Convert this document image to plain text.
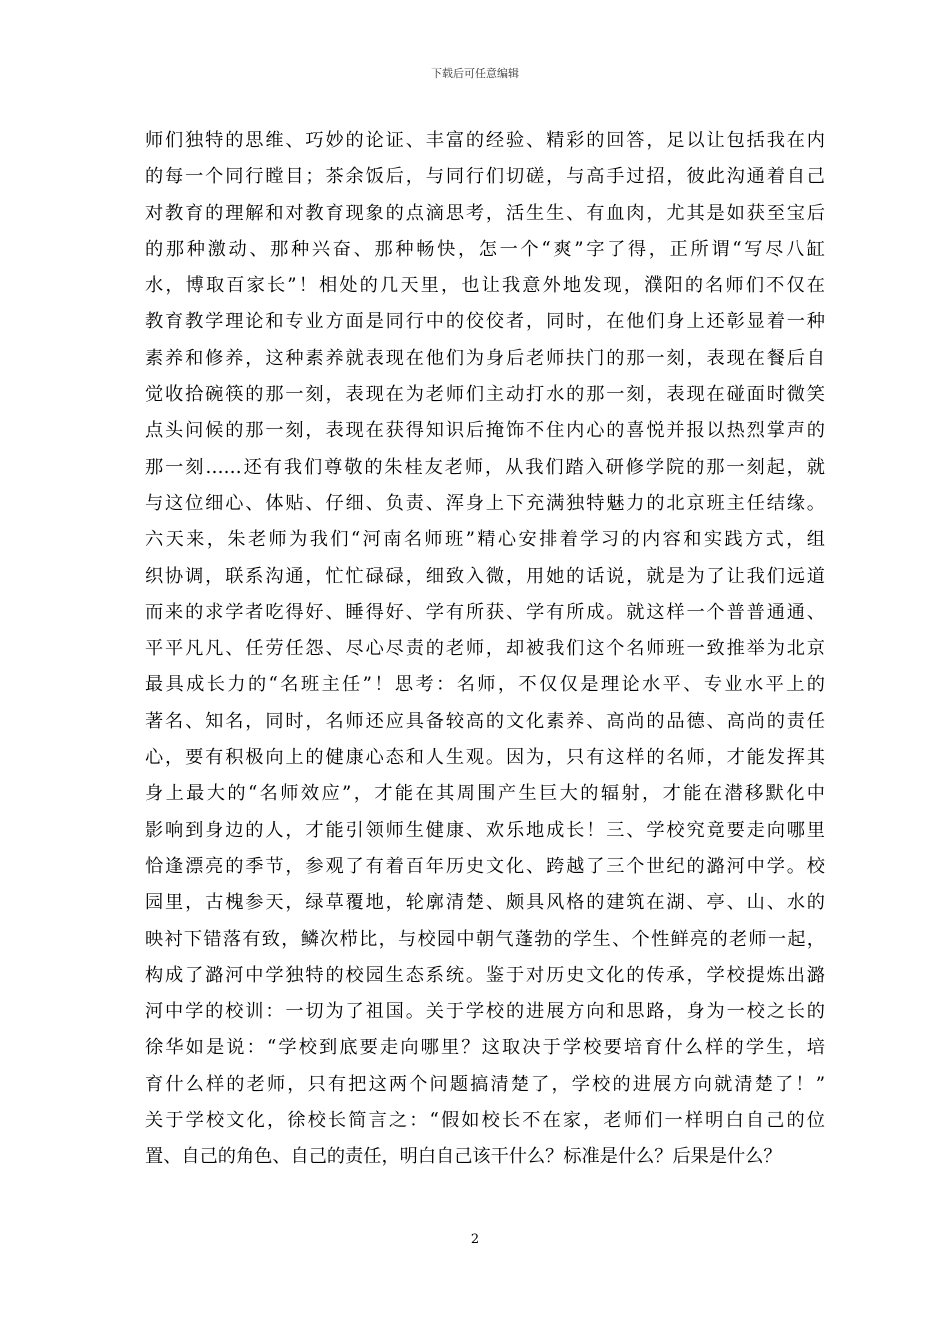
下载后可任意编辑
师们独特的思维、巧妙的论证、丰富的经验、精彩的回答，足以让包括我在内
的每一个同行瞠目；茶余饭后，与同行们切磋，与高手过招，彼此沟通着自己
对教育的理解和对教育现象的点滴思考，活生生、有血肉，尤其是如获至宝后
的那种激动、那种兴奋、那种畅快，怎一个“爽”字了得，正所谓“写尽八缸
水，博取百家长”！相处的几天里，也让我意外地发现，濮阳的名师们不仅在
教育教学理论和专业方面是同行中的佼佼者，同时，在他们身上还彰显着一种
素养和修养，这种素养就表现在他们为身后老师扶门的那一刻，表现在餐后自
觉收拾碗筷的那一刻，表现在为老师们主动打水的那一刻，表现在碰面时微笑
点头问候的那一刻，表现在获得知识后掩饰不住内心的喜悦并报以热烈掌声的
那一刻……还有我们尊敬的朱桂友老师，从我们踏入研修学院的那一刻起，就
与这位细心、体贴、仔细、负责、浑身上下充满独特魅力的北京班主任结缘。
六天来，朱老师为我们“河南名师班”精心安排着学习的内容和实践方式，组
织协调，联系沟通，忙忙碌碌，细致入微，用她的话说，就是为了让我们远道
而来的求学者吃得好、睡得好、学有所获、学有所成。就这样一个普普通通、
平平凡凡、任劳任怨、尽心尽责的老师，却被我们这个名师班一致推举为北京
最具成长力的“名班主任”！思考：名师，不仅仅是理论水平、专业水平上的
著名、知名，同时，名师还应具备较高的文化素养、高尚的品德、高尚的责任
心，要有积极向上的健康心态和人生观。因为，只有这样的名师，才能发挥其
身上最大的“名师效应”，才能在其周围产生巨大的辐射，才能在潜移默化中
影响到身边的人，才能引领师生健康、欢乐地成长！三、学校究竟要走向哪里
恰逢漂亮的季节，参观了有着百年历史文化、跨越了三个世纪的潞河中学。校
园里，古槐参天，绿草覆地，轮廓清楚、颇具风格的建筑在湖、亭、山、水的
映衬下错落有致，鳞次栉比，与校园中朝气蓬勃的学生、个性鲜亮的老师一起，
构成了潞河中学独特的校园生态系统。鉴于对历史文化的传承，学校提炼出潞
河中学的校训：一切为了祖国。关于学校的进展方向和思路，身为一校之长的
徐华如是说：“学校到底要走向哪里？这取决于学校要培育什么样的学生，培
育什么样的老师，只有把这两个问题搞清楚了，学校的进展方向就清楚了！”
关于学校文化，徐校长简言之：“假如校长不在家，老师们一样明白自己的位
置、自己的角色、自己的责任，明白自己该干什么？标准是什么？后果是什么？
2
